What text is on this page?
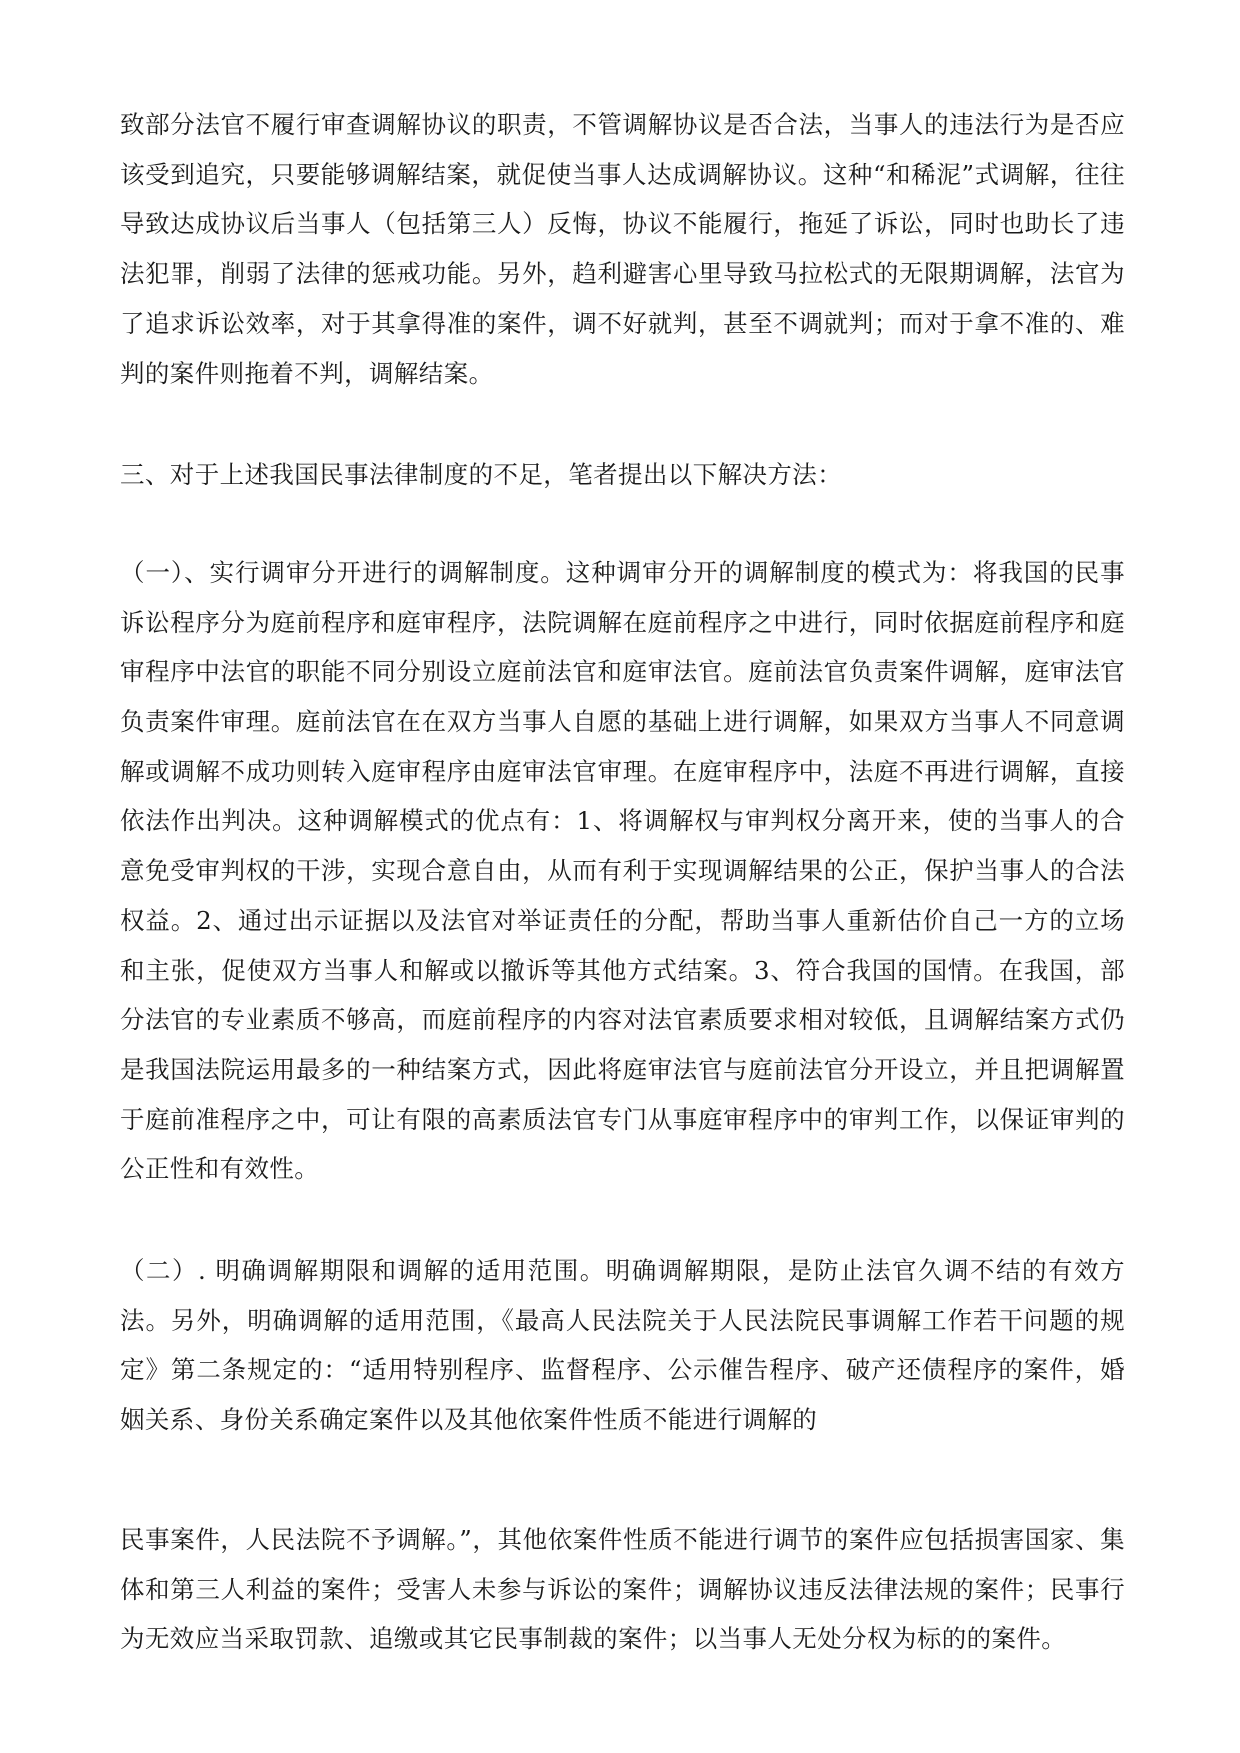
致部分法官不履行审查调解协议的职责，不管调解协议是否合法，当事人的违法行为是否应该受到追究，只要能够调解结案，就促使当事人达成调解协议。这种“和稀泥”式调解，往往导致达成协议后当事人（包括第三人）反悔，协议不能履行，拖延了诉讼，同时也助长了违法犯罪，削弱了法律的惩戒功能。另外，趋利避害心里导致马拉松式的无限期调解，法官为了追求诉讼效率，对于其拿得准的案件，调不好就判，甚至不调就判；而对于拿不准的、难判的案件则拖着不判，调解结案。

三、对于上述我国民事法律制度的不足，笔者提出以下解决方法：

（一）、实行调审分开进行的调解制度。这种调审分开的调解制度的模式为：将我国的民事诉讼程序分为庭前程序和庭审程序，法院调解在庭前程序之中进行，同时依据庭前程序和庭审程序中法官的职能不同分别设立庭前法官和庭审法官。庭前法官负责案件调解，庭审法官负责案件审理。庭前法官在在双方当事人自愿的基础上进行调解，如果双方当事人不同意调解或调解不成功则转入庭审程序由庭审法官审理。在庭审程序中，法庭不再进行调解，直接依法作出判决。这种调解模式的优点有：1、将调解权与审判权分离开来，使的当事人的合意免受审判权的干涉，实现合意自由，从而有利于实现调解结果的公正，保护当事人的合法权益。2、通过出示证据以及法官对举证责任的分配，帮助当事人重新估价自己一方的立场和主张，促使双方当事人和解或以撤诉等其他方式结案。3、符合我国的国情。在我国，部分法官的专业素质不够高，而庭前程序的内容对法官素质要求相对较低，且调解结案方式仍是我国法院运用最多的一种结案方式，因此将庭审法官与庭前法官分开设立，并且把调解置于庭前准程序之中，可让有限的高素质法官专门从事庭审程序中的审判工作，以保证审判的公正性和有效性。

（二）. 明确调解期限和调解的适用范围。明确调解期限，是防止法官久调不结的有效方法。另外，明确调解的适用范围，《最高人民法院关于人民法院民事调解工作若干问题的规定》第二条规定的：“适用特别程序、监督程序、公示催告程序、破产还债程序的案件，婚姻关系、身份关系确定案件以及其他依案件性质不能进行调解的

民事案件，人民法院不予调解。”，其他依案件性质不能进行调节的案件应包括损害国家、集体和第三人利益的案件；受害人未参与诉讼的案件；调解协议违反法律法规的案件；民事行为无效应当采取罚款、追缴或其它民事制裁的案件；以当事人无处分权为标的的案件。
